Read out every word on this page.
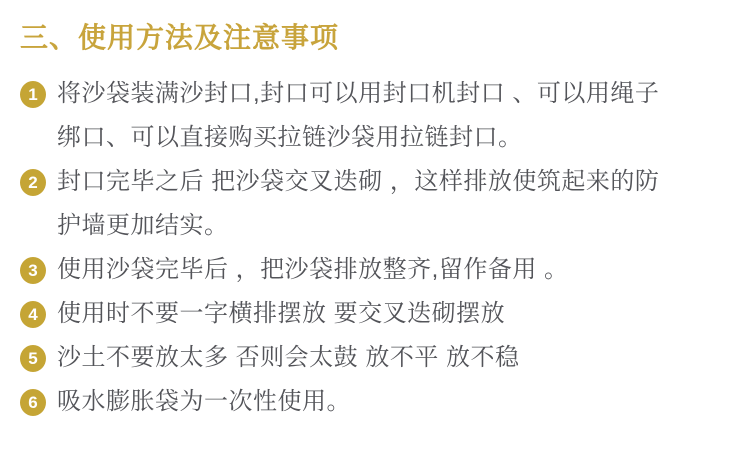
三、使用方法及注意事项
1 将沙袋装满沙封口,封口可以用封口机封口 、可以用绳子
绑口、可以直接购买拉链沙袋用拉链封口。
2 封口完毕之后 把沙袋交叉迭砌 ，这样排放使筑起来的防
护墙更加结实。
3 使用沙袋完毕后 ，把沙袋排放整齐,留作备用 。
4 使用时不要一字横排摆放 要交叉迭砌摆放
5 沙土不要放太多 否则会太鼓 放不平 放不稳
6 吸水膨胀袋为一次性使用。
